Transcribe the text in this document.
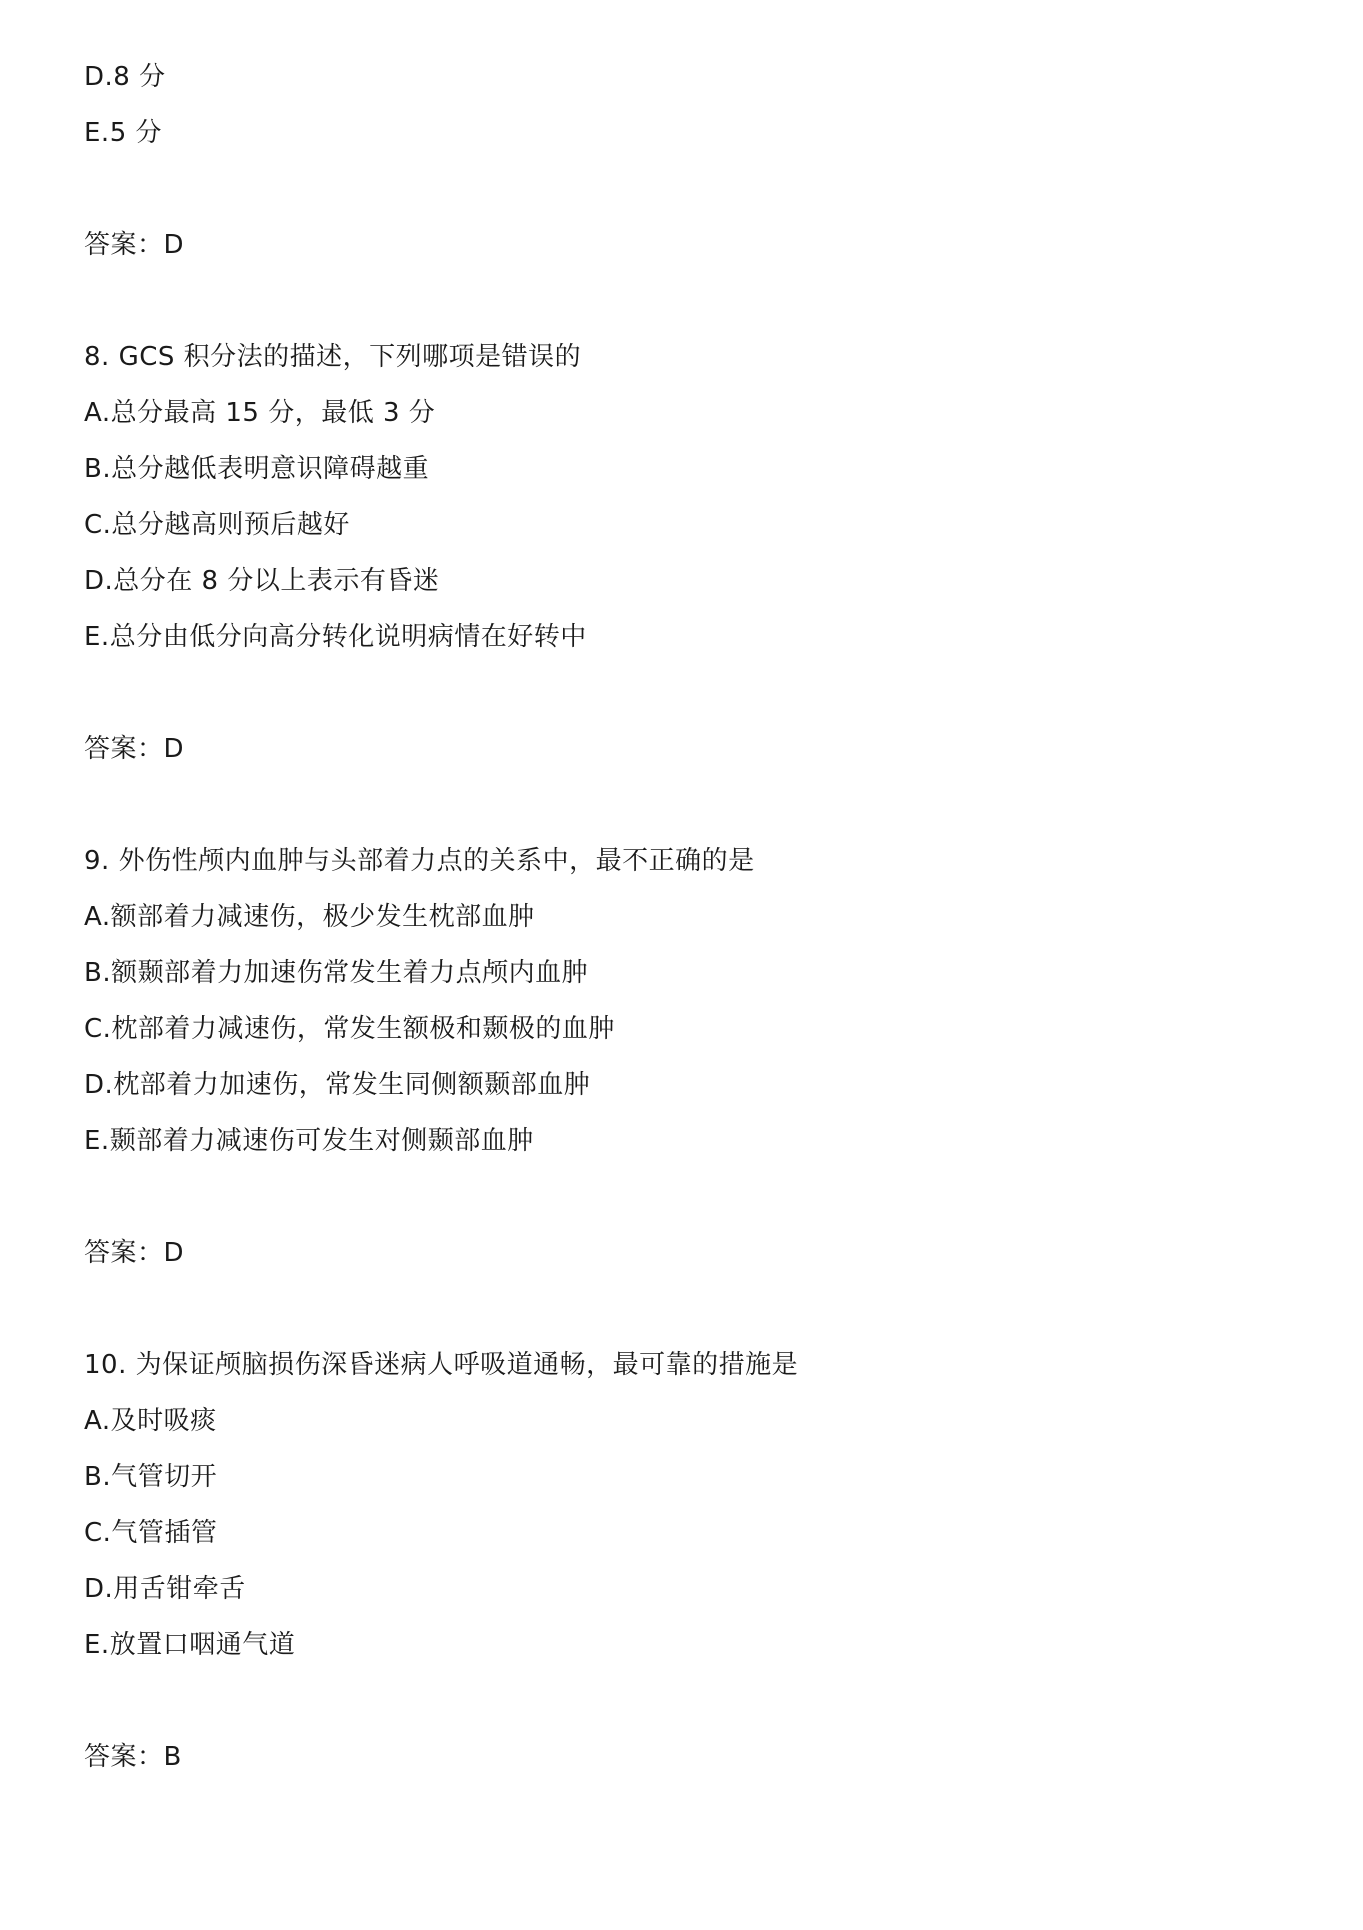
D.8 分
E.5 分
答案：D
8. GCS 积分法的描述，下列哪项是错误的
A.总分最高 15 分，最低 3 分
B.总分越低表明意识障碍越重
C.总分越高则预后越好
D.总分在 8 分以上表示有昏迷
E.总分由低分向高分转化说明病情在好转中
答案：D
9. 外伤性颅内血肿与头部着力点的关系中，最不正确的是
A.额部着力减速伤，极少发生枕部血肿
B.额颞部着力加速伤常发生着力点颅内血肿
C.枕部着力减速伤，常发生额极和颞极的血肿
D.枕部着力加速伤，常发生同侧额颞部血肿
E.颞部着力减速伤可发生对侧颞部血肿
答案：D
10. 为保证颅脑损伤深昏迷病人呼吸道通畅，最可靠的措施是
A.及时吸痰
B.气管切开
C.气管插管
D.用舌钳牵舌
E.放置口咽通气道
答案：B
